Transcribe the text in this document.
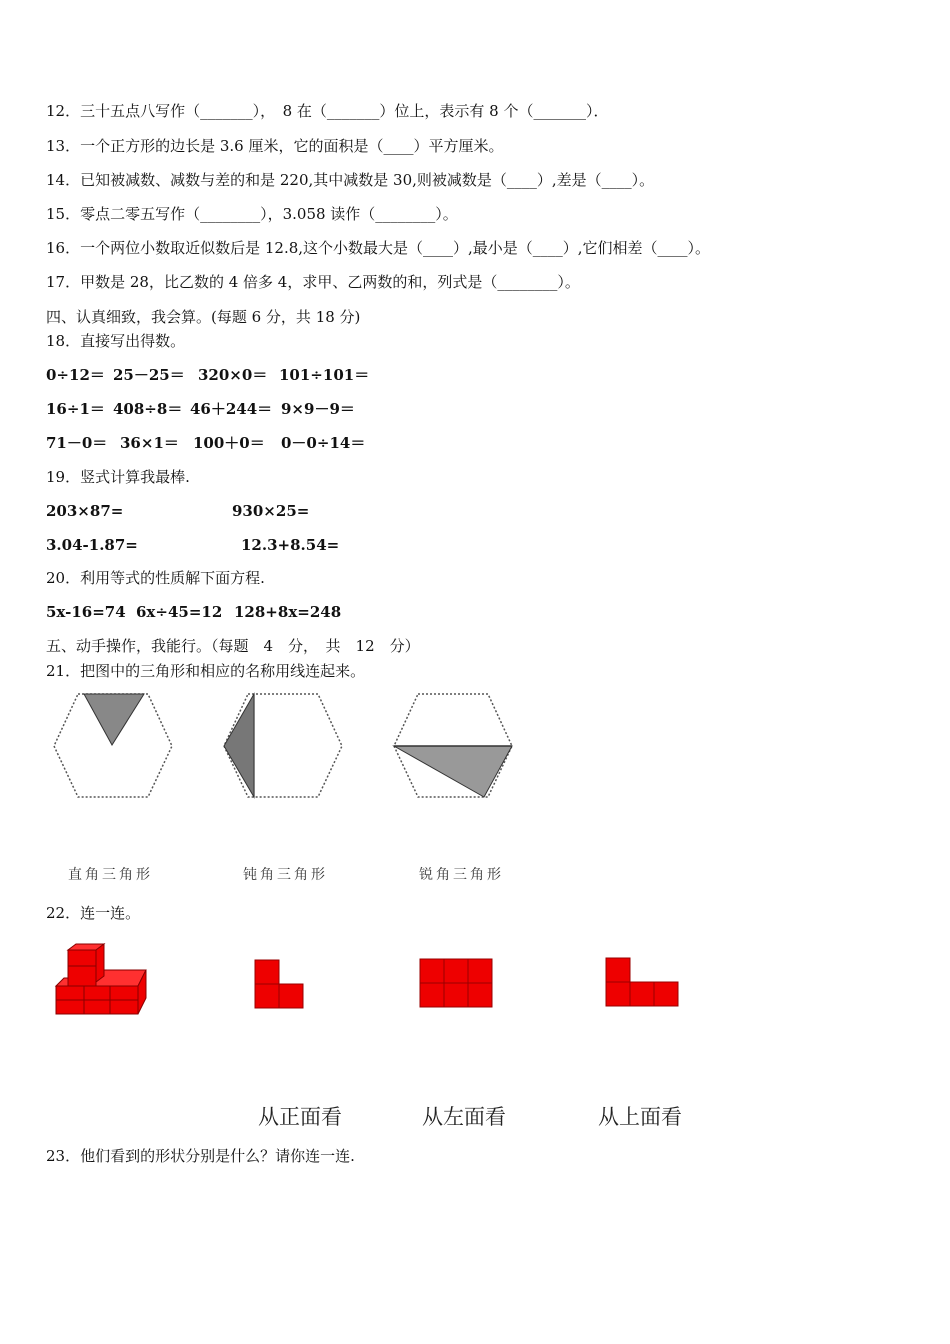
12．三十五点八写作（_______），　8 在（_______）位上，表示有 8 个（_______）．
13．一个正方形的边长是 3.6 厘米，它的面积是（____）平方厘米。
14．已知被减数、减数与差的和是 220,其中减数是 30,则被减数是（____）,差是（____）。
15．零点二零五写作（________），3.058 读作（________）。
16．一个两位小数取近似数后是 12.8,这个小数最大是（____）,最小是（____）,它们相差（____）。
17．甲数是 28，比乙数的 4 倍多 4，求甲、乙两数的和，列式是（________）。
四、认真细致，我会算。(每题 6 分，共 18 分)
18．直接写出得数。
0÷12＝ 25－25＝ 320×0＝ 101÷101＝
16÷1＝ 408÷8＝ 46＋244＝ 9×9－9＝
71－0＝ 36×1＝ 100＋0＝ 0－0÷14＝
19．竖式计算我最棒.
203×87=	930×25=
3.04-1.87=	12.3+8.54=
20．利用等式的性质解下面方程.
5x-16=74 6x÷45=12 128+8x=248
五、动手操作，我能行。（每题　4　分，　共　12　分）
21．把图中的三角形和相应的名称用线连起来。
直角三角形	钝角三角形	锐角三角形
22．连一连。
从正面看	从左面看	从上面看
23．他们看到的形状分别是什么？请你连一连.
